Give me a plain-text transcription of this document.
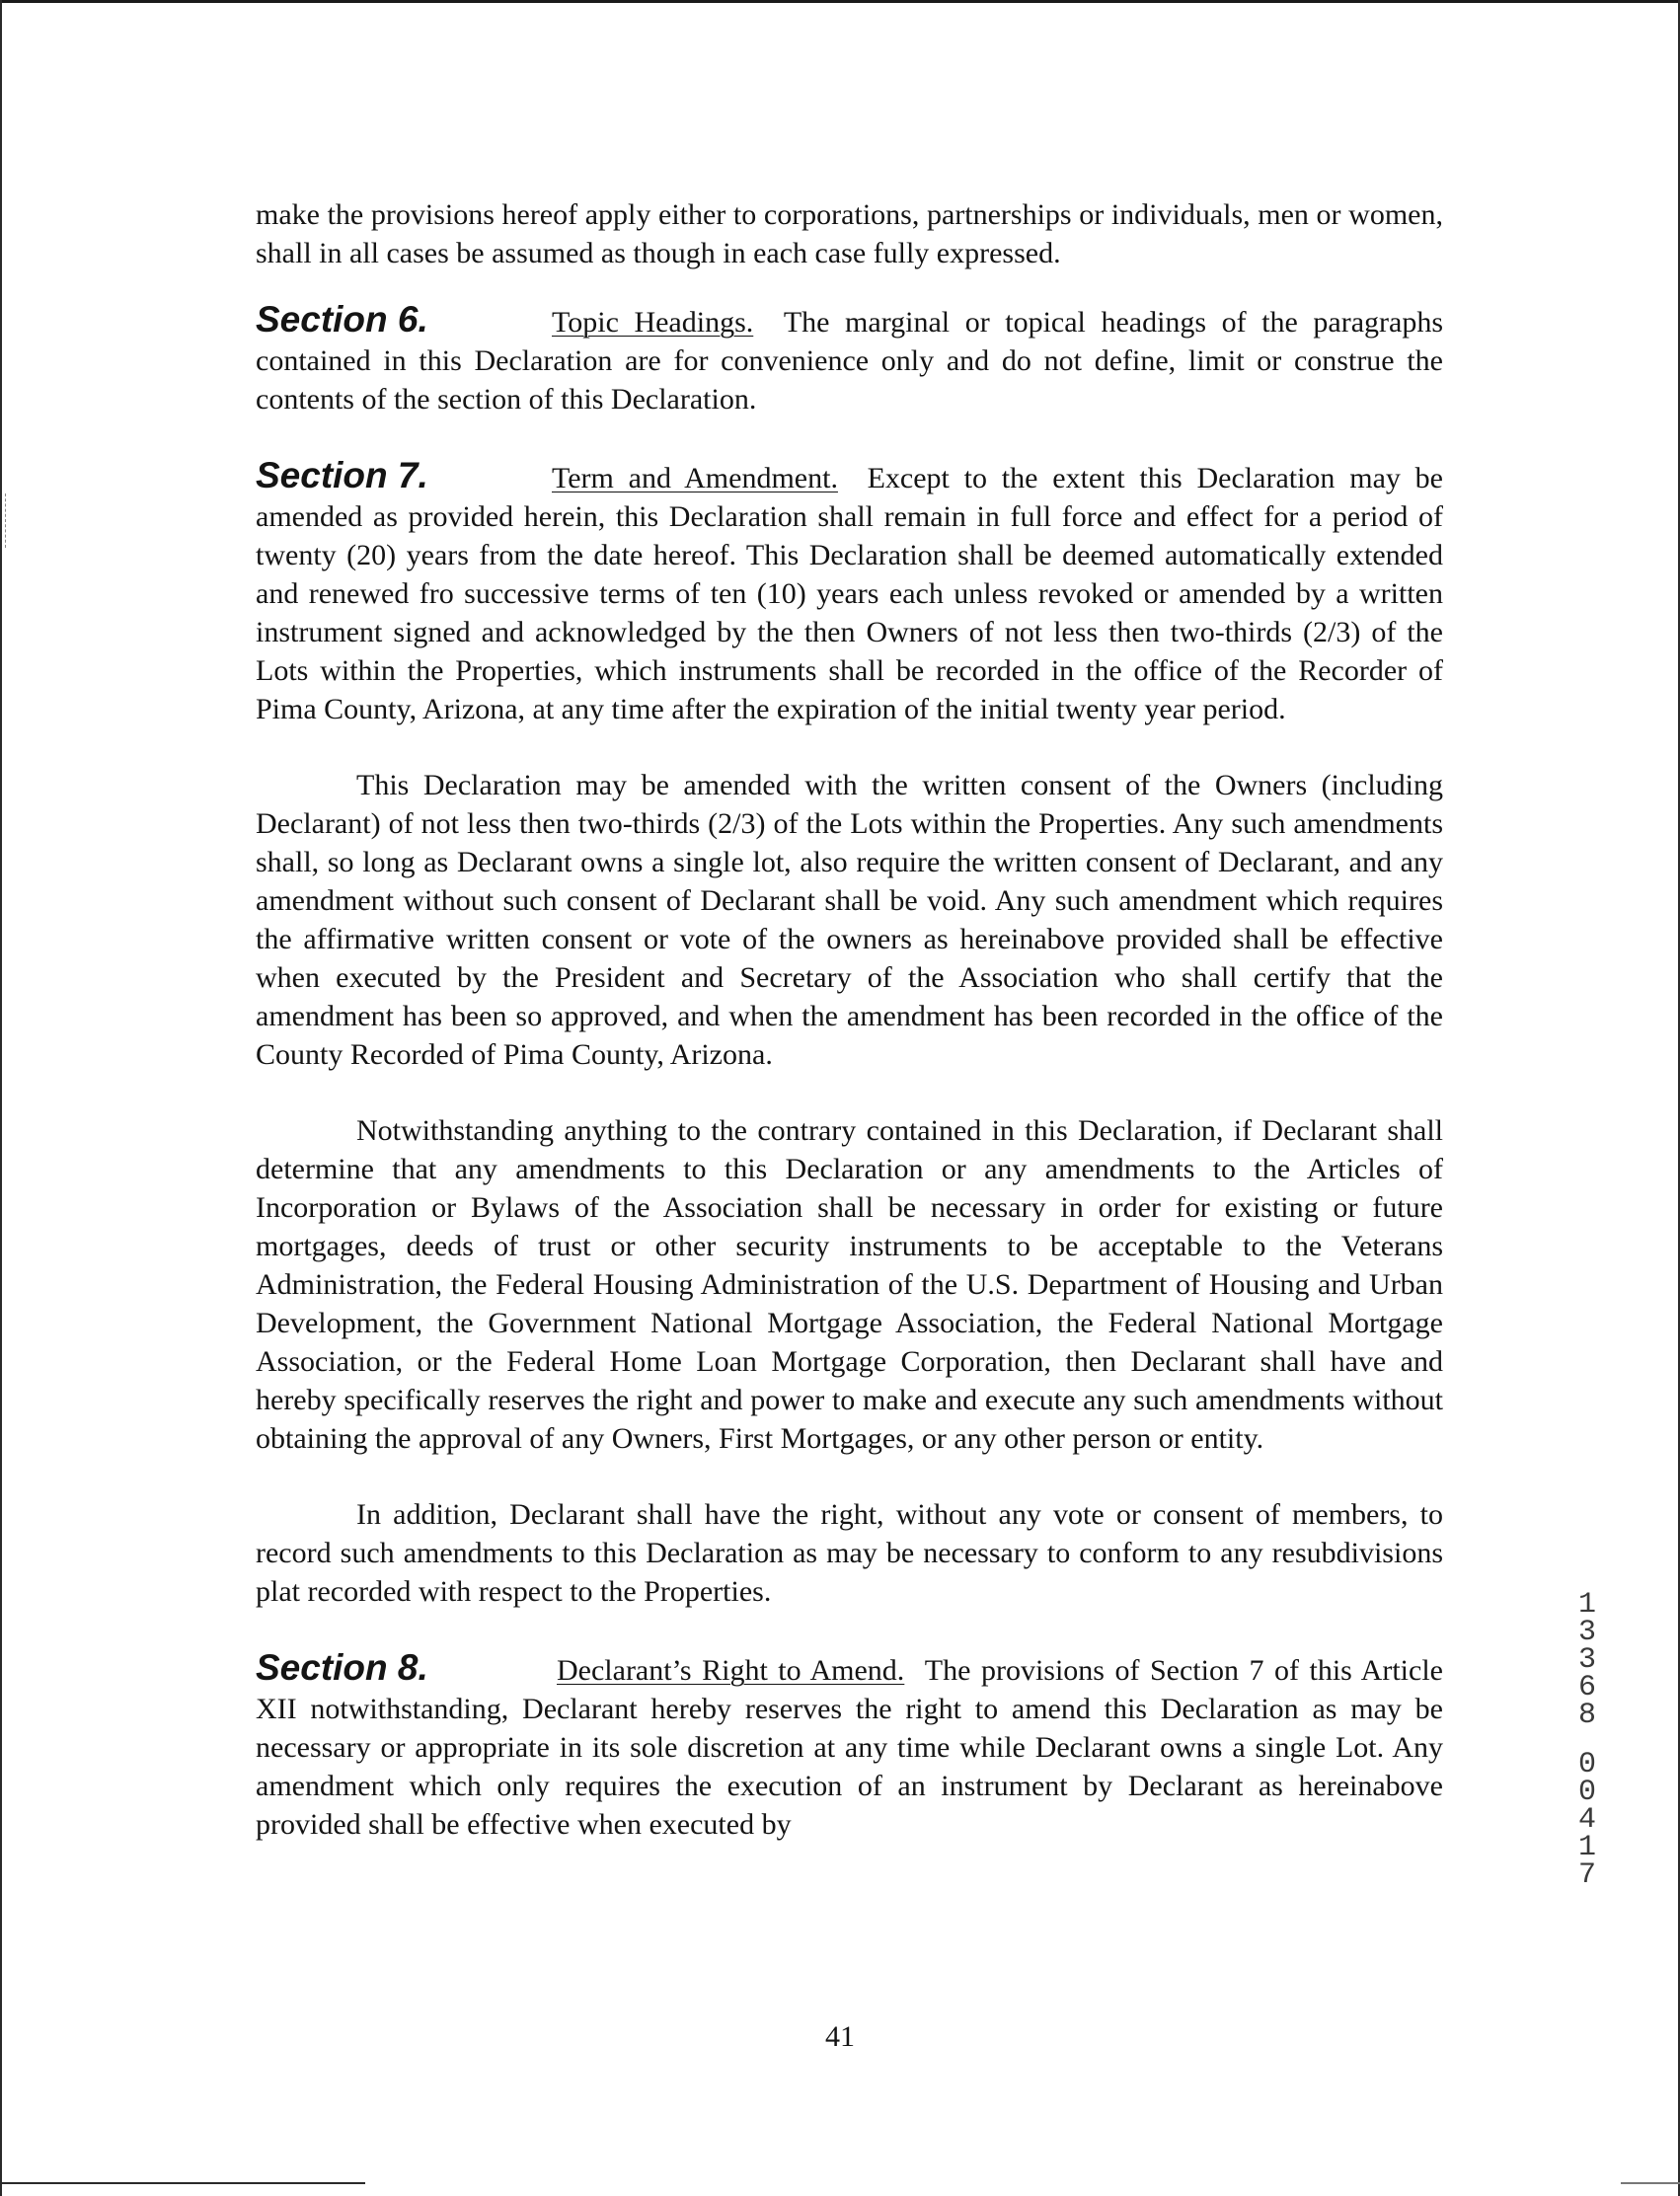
make the provisions hereof apply either to corporations, partnerships or individuals, men or women, shall in all cases be assumed as though in each case fully expressed.

Section 6.	Topic Headings. The marginal or topical headings of the paragraphs contained in this Declaration are for convenience only and do not define, limit or construe the contents of the section of this Declaration.

Section 7.	Term and Amendment. Except to the extent this Declaration may be amended as provided herein, this Declaration shall remain in full force and effect for a period of twenty (20) years from the date hereof. This Declaration shall be deemed automatically extended and renewed fro successive terms of ten (10) years each unless revoked or amended by a written instrument signed and acknowledged by the then Owners of not less then two-thirds (2/3) of the Lots within the Properties, which instruments shall be recorded in the office of the Recorder of Pima County, Arizona, at any time after the expiration of the initial twenty year period.

This Declaration may be amended with the written consent of the Owners (including Declarant) of not less then two-thirds (2/3) of the Lots within the Properties. Any such amendments shall, so long as Declarant owns a single lot, also require the written consent of Declarant, and any amendment without such consent of Declarant shall be void. Any such amendment which requires the affirmative written consent or vote of the owners as hereinabove provided shall be effective when executed by the President and Secretary of the Association who shall certify that the amendment has been so approved, and when the amendment has been recorded in the office of the County Recorded of Pima County, Arizona.

Notwithstanding anything to the contrary contained in this Declaration, if Declarant shall determine that any amendments to this Declaration or any amendments to the Articles of Incorporation or Bylaws of the Association shall be necessary in order for existing or future mortgages, deeds of trust or other security instruments to be acceptable to the Veterans Administration, the Federal Housing Administration of the U.S. Department of Housing and Urban Development, the Government National Mortgage Association, the Federal National Mortgage Association, or the Federal Home Loan Mortgage Corporation, then Declarant shall have and hereby specifically reserves the right and power to make and execute any such amendments without obtaining the approval of any Owners, First Mortgages, or any other person or entity.

In addition, Declarant shall have the right, without any vote or consent of members, to record such amendments to this Declaration as may be necessary to conform to any resubdivisions plat recorded with respect to the Properties.

Section 8.	Declarant’s Right to Amend. The provisions of Section 7 of this Article XII notwithstanding, Declarant hereby reserves the right to amend this Declaration as may be necessary or appropriate in its sole discretion at any time while Declarant owns a single Lot. Any amendment which only requires the execution of an instrument by Declarant as hereinabove provided shall be effective when executed by

41
1
3
3
6
8
0
0
4
1
7
